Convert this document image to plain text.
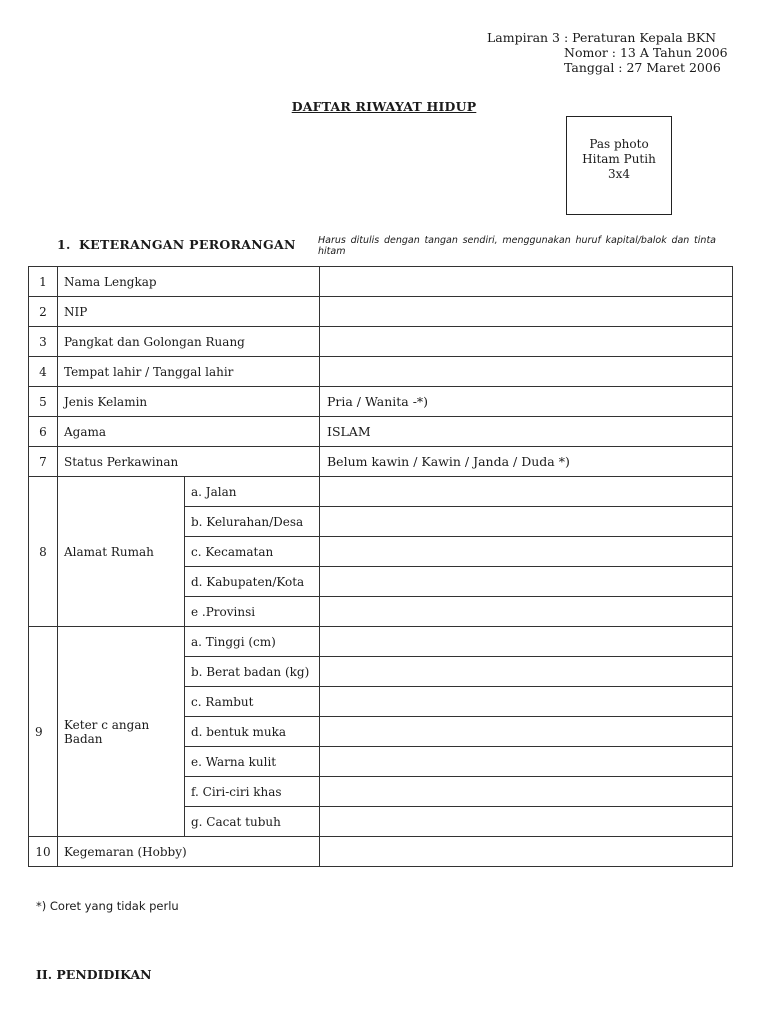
Lampiran 3 : Peraturan Kepala BKN
Nomor : 13 A Tahun 2006
Tanggal : 27 Maret 2006
DAFTAR RIWAYAT HIDUP
Pas photo
Hitam Putih
3x4
1. KETERANGAN PERORANGAN Harus ditulis dengan tangan sendiri, menggunakan huruf kapital/balok dan tinta hitam
1	Nama Lengkap		
2	NIP		
3	Pangkat dan Golongan Ruang		
4	Tempat lahir / Tanggal lahir		
5	Jenis Kelamin		Pria / Wanita -*)
6	Agama		ISLAM
7	Status Perkawinan		Belum kawin / Kawin / Janda / Duda *)
8	Alamat Rumah	a. Jalan	
		b. Kelurahan/Desa	
		c. Kecamatan	
		d. Kabupaten/Kota	
		e .Provinsi	
9	Keter c angan Badan	a. Tinggi (cm)	
		b. Berat badan (kg)	
		c. Rambut	
		d. bentuk muka	
		e. Warna kulit	
		f. Ciri-ciri khas	
		g. Cacat tubuh	
10	Kegemaran (Hobby)		
*) Coret yang tidak perlu
II. PENDIDIKAN
